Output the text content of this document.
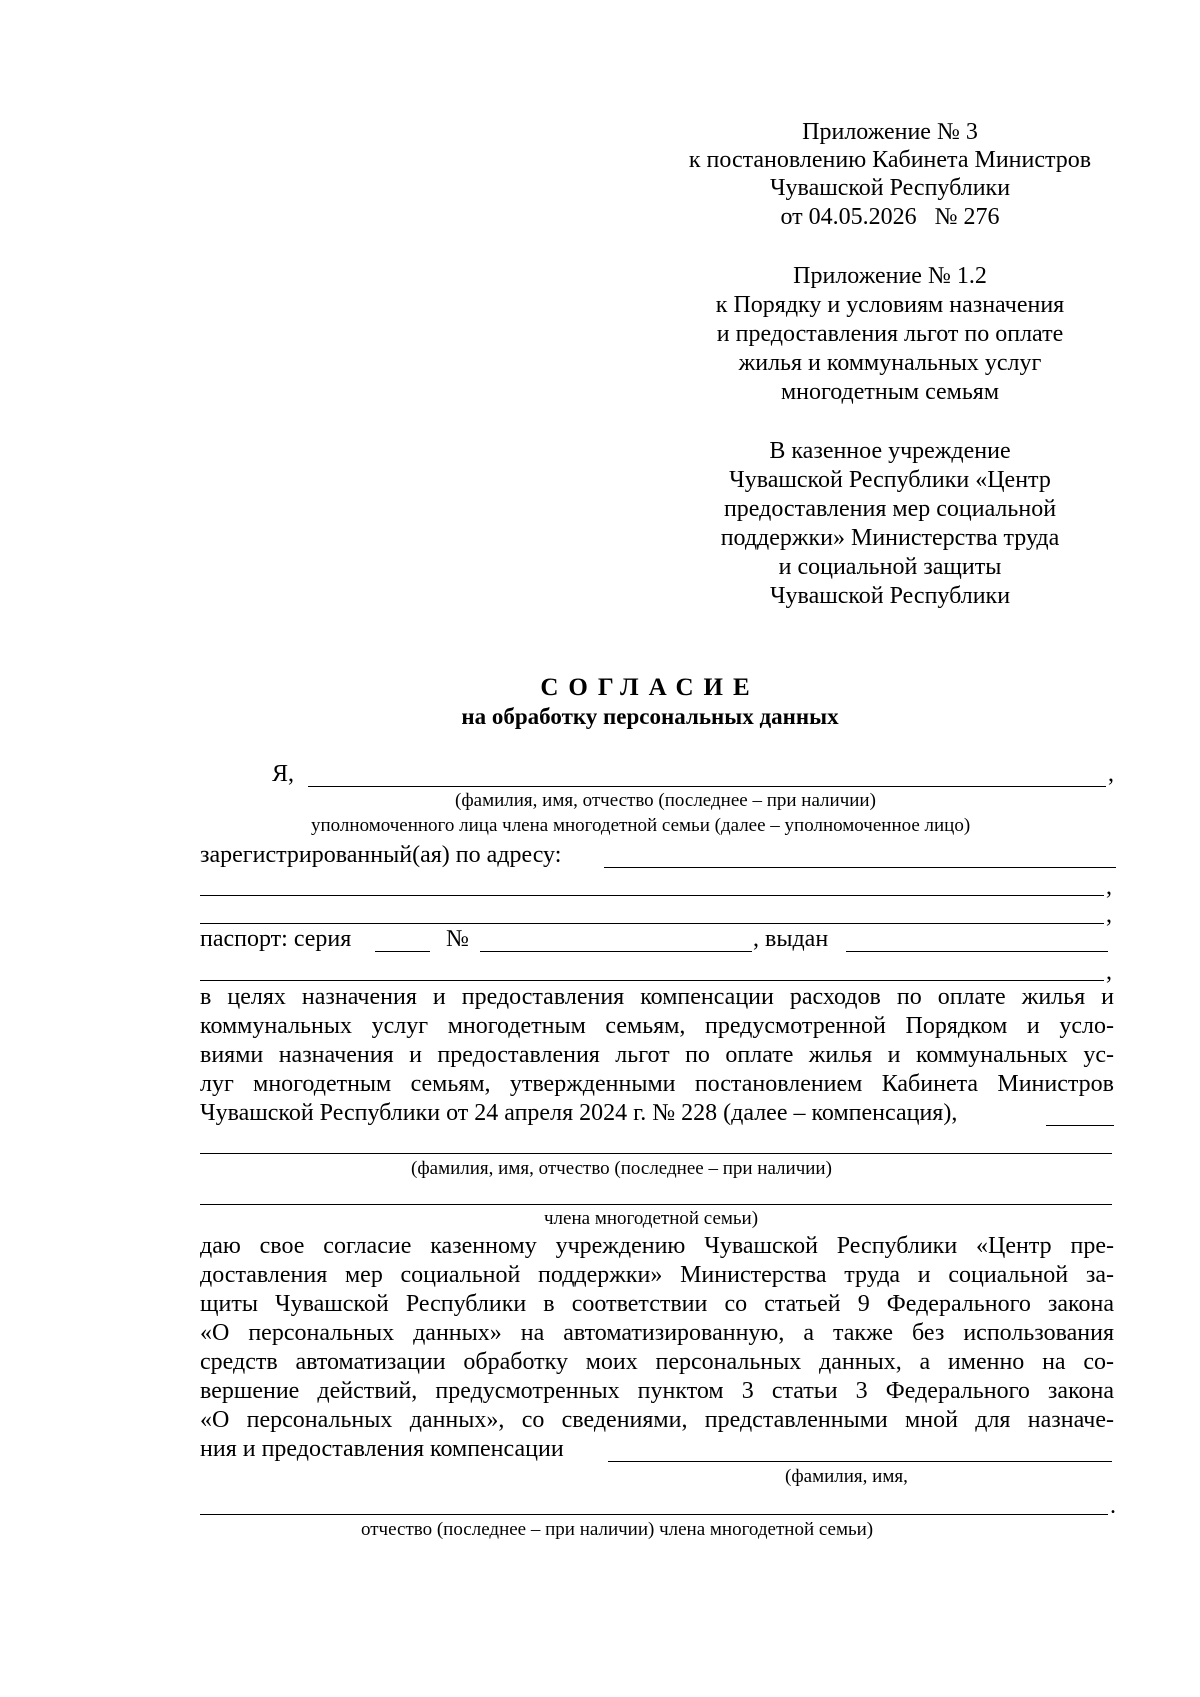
Приложение № 3
к постановлению Кабинета Министров
Чувашской Республики
от 04.05.2026   № 276
Приложение № 1.2
к Порядку и условиям назначения
и предоставления льгот по оплате
жилья и коммунальных услуг
многодетным семьям
В казенное учреждение
Чувашской Республики «Центр
предоставления мер социальной
поддержки» Министерства труда
и социальной защиты
Чувашской Республики
СОГЛАСИЕ
на обработку персональных данных
Я,	,
(фамилия, имя, отчество (последнее – при наличии)
уполномоченного лица члена многодетной семьи (далее – уполномоченное лицо)
зарегистрированный(ая) по адресу:
,
,
паспорт: серия	№	, выдан
,
в целях назначения и предоставления компенсации расходов по оплате жилья и
коммунальных услуг многодетным семьям, предусмотренной Порядком и усло-
виями назначения и предоставления льгот по оплате жилья и коммунальных ус-
луг многодетным семьям, утвержденными постановлением Кабинета Министров
Чувашской Республики от 24 апреля 2024 г. № 228 (далее – компенсация),
(фамилия, имя, отчество (последнее – при наличии)
члена многодетной семьи)
даю свое согласие казенному учреждению Чувашской Республики «Центр пре-
доставления мер социальной поддержки» Министерства труда и социальной за-
щиты Чувашской Республики в соответствии со статьей 9 Федерального закона
«О персональных данных» на автоматизированную, а также без использования
средств автоматизации обработку моих персональных данных, а именно на со-
вершение действий, предусмотренных пунктом 3 статьи 3 Федерального закона
«О персональных данных», со сведениями, представленными мной для назначе-
ния и предоставления компенсации
(фамилия, имя,
.
отчество (последнее – при наличии) члена многодетной семьи)
